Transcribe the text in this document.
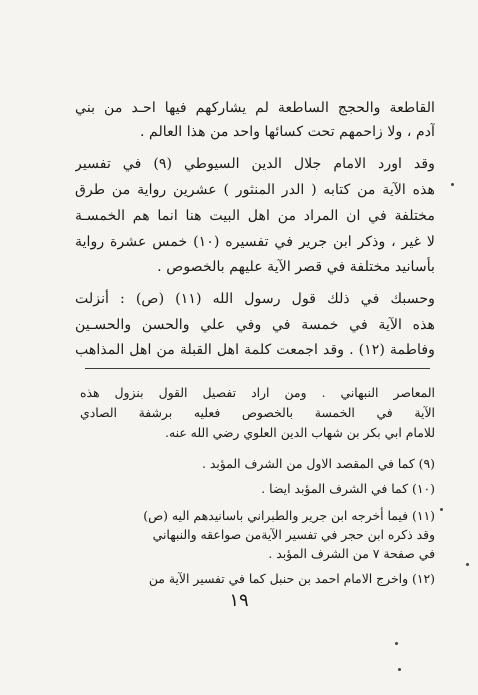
القاطعة والحجج الساطعة لم يشاركهم فيها احـد من بني
آدم ، ولا زاحمهم تحت كسائها واحد من هذا العالم .
وقد اورد الامام جلال الدين السيوطي (٩) في تفسير
هذه الآية من كتابه ( الدر المنثور ) عشرين رواية من طرق
مختلفة في ان المراد من اهل البيت هنا انما هم الخمسـة
لا غير ، وذكر ابن جرير في تفسيره (١٠) خمس عشرة رواية
بأسانيد مختلفة في قصر الآية عليهم بالخصوص .
وحسبك في ذلك قول رسول الله (١١) (ص) : أنزلت
هذه الآية في خمسة في وفي علي والحسن والحسـين
وفاطمة (١٢) . وقد اجمعت كلمة اهل القبلة من اهل المذاهب
المعاصر النبهاني . ومن اراد تفصيل القول بنزول هذه
الآية في الخمسة بالخصوص فعليه برشفة الصادي
للامام ابي بكر بن شهاب الدين العلوي رضي الله عنه.
(٩) كما في المقصد الاول من الشرف المؤبد .
(١٠) كما في الشرف المؤبد ايضا .
(١١) فيما أخرجه ابن جرير والطبراني باسانيدهم اليه (ص)
وقد ذكره ابن حجر في تفسير الآيةمن صواعقه والنبهاني
في صفحة ٧ من الشرف المؤبد .
(١٢) واخرج الامام احمد بن حنبل كما في تفسير الآية من
١٩
